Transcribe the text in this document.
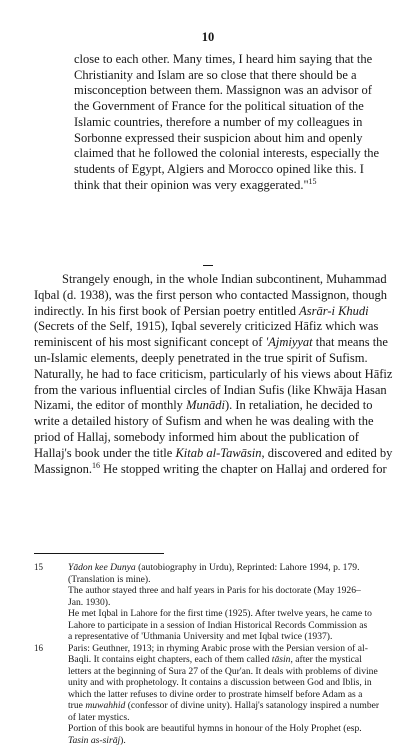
10
close to each other. Many times, I heard him saying that the
Christianity and Islam are so close that there should be a
misconception between them. Massignon was an advisor of
the Government of France for the political situation of the
Islamic countries, therefore a number of my colleagues in
Sorbonne expressed their suspicion about him and openly
claimed that he followed the colonial interests, especially the
students of Egypt, Algiers and Morocco opined like this. I
think that their opinion was very exaggerated."$^{15}$
Strangely enough, in the whole Indian subcontinent, Muhammad
Iqbal (d. 1938), was the first person who contacted Massignon, though
indirectly. In his first book of Persian poetry entitled Asrār-i Khudi
(Secrets of the Self, 1915), Iqbal severely criticized Hāfiz which was
reminiscent of his most significant concept of 'Ajmiyyat that means the
un-Islamic elements, deeply penetrated in the true spirit of Sufism.
Naturally, he had to face criticism, particularly of his views about Hāfiz
from the various influential circles of Indian Sufis (like Khwāja Hasan
Nizami, the editor of monthly Munādi). In retaliation, he decided to
write a detailed history of Sufism and when he was dealing with the
priod of Hallaj, somebody informed him about the publication of
Hallaj's book under the title Kitab al-Tawāsin, discovered and edited by
Massignon.$^{16}$ He stopped writing the chapter on Hallaj and ordered for
15	Yādon kee Dunya (autobiography in Urdu), Reprinted: Lahore 1994, p. 179.
(Translation is mine).
The author stayed three and half years in Paris for his doctorate (May 1926–
Jan. 1930).
He met Iqbal in Lahore for the first time (1925). After twelve years, he came to
Lahore to participate in a session of Indian Historical Records Commission as
a representative of 'Uthmania University and met Iqbal twice (1937).
16	Paris: Geuthner, 1913; in rhyming Arabic prose with the Persian version of al-
Baqli. It contains eight chapters, each of them called tāsin, after the mystical
letters at the beginning of Sura 27 of the Qur'an. It deals with problems of divine
unity and with prophetology. It contains a discussion between God and Iblis, in
which the latter refuses to divine order to prostrate himself before Adam as a
true muwahhid (confessor of divine unity). Hallaj's satanology inspired a number
of later mystics.
Portion of this book are beautiful hymns in honour of the Holy Prophet (esp.
Tasin as-sirāj).
